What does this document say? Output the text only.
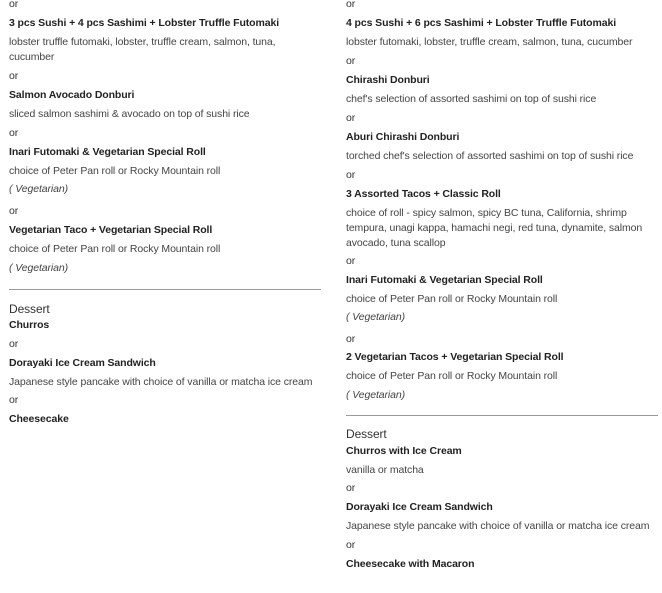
or
3 pcs Sushi + 4 pcs Sashimi + Lobster Truffle Futomaki
lobster truffle futomaki, lobster, truffle cream, salmon, tuna, cucumber
or
Salmon Avocado Donburi
sliced salmon sashimi & avocado on top of sushi rice
or
Inari Futomaki & Vegetarian Special Roll
choice of Peter Pan roll or Rocky Mountain roll
( Vegetarian)
or
Vegetarian Taco + Vegetarian Special Roll
choice of Peter Pan roll or Rocky Mountain roll
( Vegetarian)
Dessert
Churros
or
Dorayaki Ice Cream Sandwich
Japanese style pancake with choice of vanilla or matcha ice cream
or
Cheesecake
or
4 pcs Sushi + 6 pcs Sashimi + Lobster Truffle Futomaki
lobster futomaki, lobster, truffle cream, salmon, tuna, cucumber
or
Chirashi Donburi
chef's selection of assorted sashimi on top of sushi rice
or
Aburi Chirashi Donburi
torched chef's selection of assorted sashimi on top of sushi rice
or
3 Assorted Tacos + Classic Roll
choice of roll - spicy salmon, spicy BC tuna, California, shrimp tempura, unagi kappa, hamachi negi, red tuna, dynamite, salmon avocado, tuna scallop
or
Inari Futomaki & Vegetarian Special Roll
choice of Peter Pan roll or Rocky Mountain roll
( Vegetarian)
or
2 Vegetarian Tacos + Vegetarian Special Roll
choice of Peter Pan roll or Rocky Mountain roll
( Vegetarian)
Dessert
Churros with Ice Cream
vanilla or matcha
or
Dorayaki Ice Cream Sandwich
Japanese style pancake with choice of vanilla or matcha ice cream
or
Cheesecake with Macaron
